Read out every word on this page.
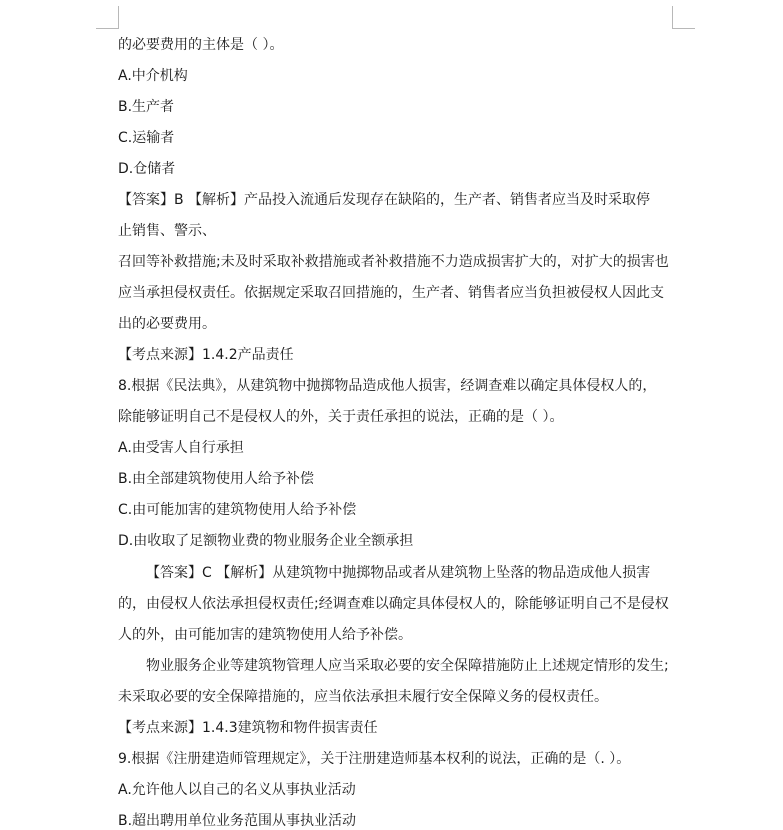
的必要费用的主体是（ ）。
A.中介机构
B.生产者
C.运输者
D.仓储者
【答案】B 【解析】产品投入流通后发现存在缺陷的，生产者、销售者应当及时采取停
止销售、警示、
召回等补救措施;未及时采取补救措施或者补救措施不力造成损害扩大的，对扩大的损害也
应当承担侵权责任。依据规定采取召回措施的，生产者、销售者应当负担被侵权人因此支
出的必要费用。
【考点来源】1.4.2产品责任
8.根据《民法典》，从建筑物中抛掷物品造成他人损害，经调查难以确定具体侵权人的，
除能够证明自己不是侵权人的外，关于责任承担的说法，正确的是（ ）。
A.由受害人自行承担
B.由全部建筑物使用人给予补偿
C.由可能加害的建筑物使用人给予补偿
D.由收取了足额物业费的物业服务企业全额承担
【答案】C 【解析】从建筑物中抛掷物品或者从建筑物上坠落的物品造成他人损害
的，由侵权人依法承担侵权责任;经调查难以确定具体侵权人的，除能够证明自己不是侵权
人的外，由可能加害的建筑物使用人给予补偿。
物业服务企业等建筑物管理人应当采取必要的安全保障措施防止上述规定情形的发生;
未采取必要的安全保障措施的，应当依法承担未履行安全保障义务的侵权责任。
【考点来源】1.4.3建筑物和物件损害责任
9.根据《注册建造师管理规定》，关于注册建造师基本权利的说法，正确的是（. ）。
A.允许他人以自己的名义从事执业活动
B.超出聘用单位业务范围从事执业活动
